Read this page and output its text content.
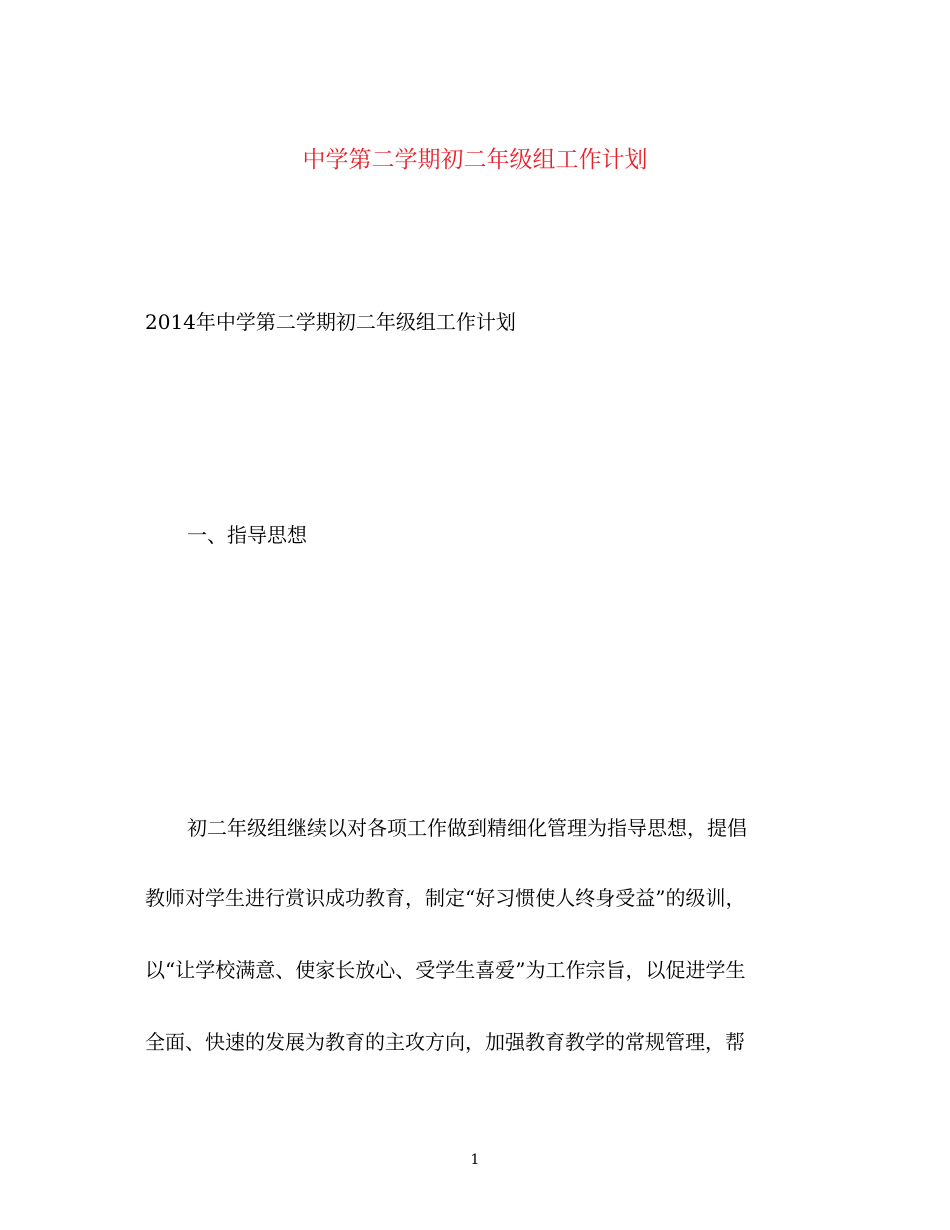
中学第二学期初二年级组工作计划
2014年中学第二学期初二年级组工作计划
一、指导思想
初二年级组继续以对各项工作做到精细化管理为指导思想，提倡
教师对学生进行赏识成功教育，制定“好习惯使人终身受益”的级训，
以“让学校满意、使家长放心、受学生喜爱”为工作宗旨，以促进学生
全面、快速的发展为教育的主攻方向，加强教育教学的常规管理，帮
1
